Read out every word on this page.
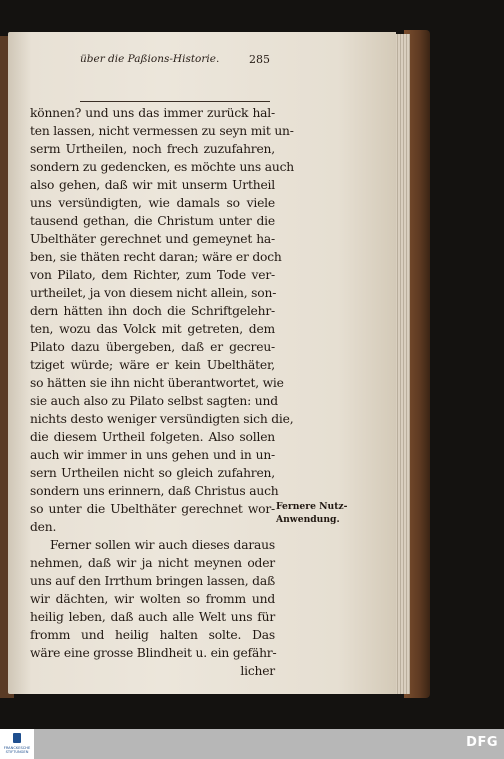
über die Paßions-Historie.	285
können? und uns das immer zurück hal-
ten lassen, nicht vermessen zu seyn mit un-
serm Urtheilen, noch frech zuzufahren,
sondern zu gedencken, es möchte uns auch
also gehen, daß wir mit unserm Urtheil
uns versündigten, wie damals so viele
tausend gethan, die Christum unter die
Ubelthäter gerechnet und gemeynet ha-
ben, sie thäten recht daran; wäre er doch
von Pilato, dem Richter, zum Tode ver-
urtheilet, ja von diesem nicht allein, son-
dern hätten ihn doch die Schriftgelehr-
ten, wozu das Volck mit getreten, dem
Pilato dazu übergeben, daß er gecreu-
tziget würde; wäre er kein Ubelthäter,
so hätten sie ihn nicht überantwortet, wie
sie auch also zu Pilato selbst sagten: und
nichts desto weniger versündigten sich die,
die diesem Urtheil folgeten. Also sollen
auch wir immer in uns gehen und in un-
sern Urtheilen nicht so gleich zufahren,
sondern uns erinnern, daß Christus auch
so unter die Ubelthäter gerechnet wor-
den.
Ferner sollen wir auch dieses daraus
nehmen, daß wir ja nicht meynen oder
uns auf den Irrthum bringen lassen, daß
wir dächten, wir wolten so fromm und
heilig leben, daß auch alle Welt uns für
fromm und heilig halten solte. Das
wäre eine grosse Blindheit u. ein gefähr-
licher
Fernere Nutz-
Anwendung.
FRANCKESCHE STIFTUNGEN
DFG
